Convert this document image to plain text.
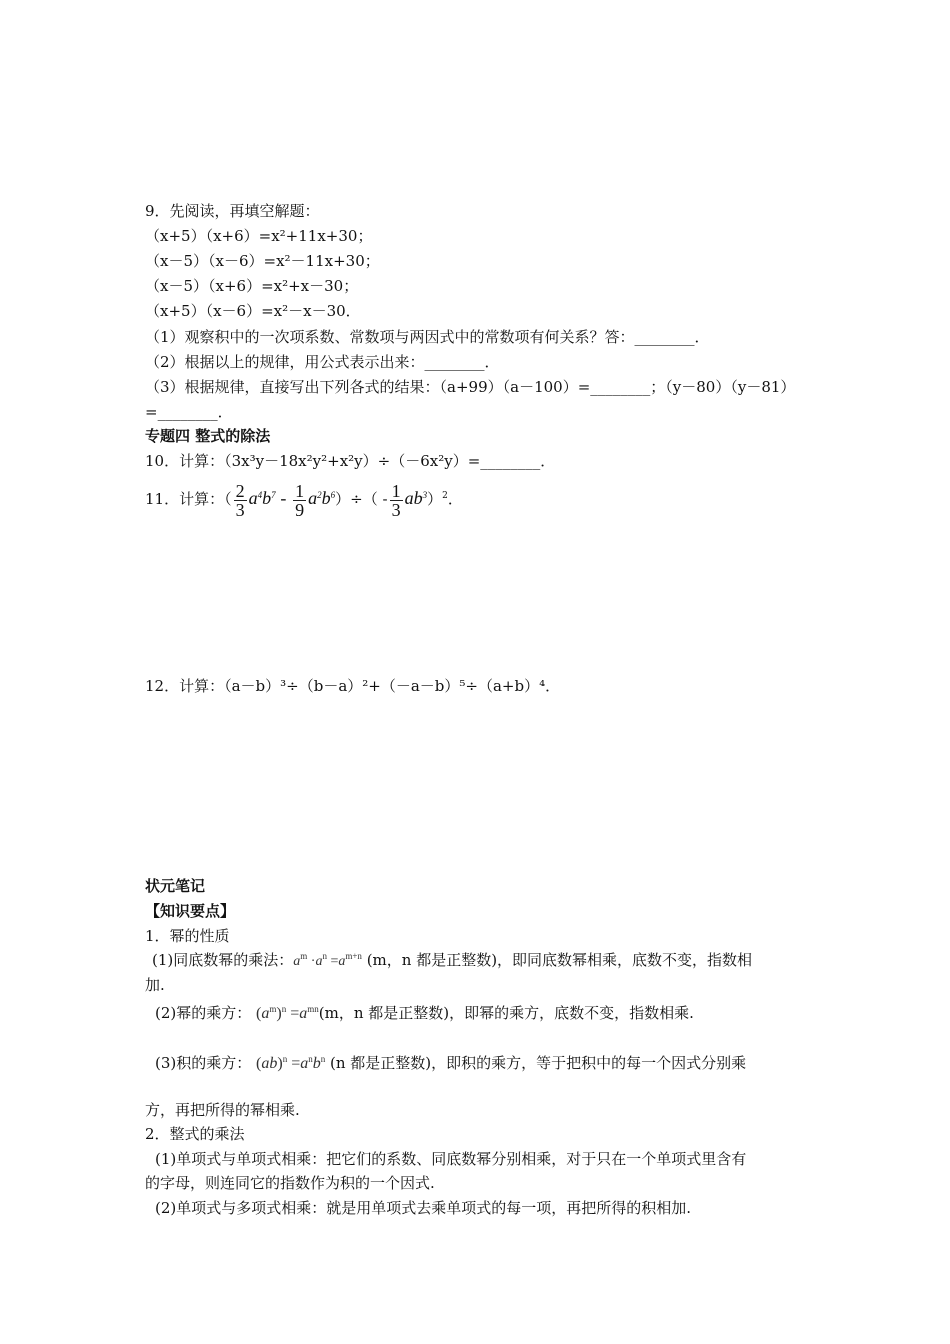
9．先阅读，再填空解题：
（x+5）（x+6）=x²+11x+30；
（x－5）（x－6）=x²－11x+30；
（x－5）（x+6）=x²+x－30；
（x+5）（x－6）=x²－x－30．
（1）观察积中的一次项系数、常数项与两因式中的常数项有何关系？答：________．
（2）根据以上的规律，用公式表示出来：________．
（3）根据规律，直接写出下列各式的结果：（a+99）（a－100）=________；（y－80）（y－81）
=________．
专题四 整式的除法
10．计算：（3x³y－18x²y²+x²y）÷（－6x²y）=________．
11．计算：（ $\frac{2}{3} a^4b^7 - \frac{1}{9} a^2b^6)\div( - \frac{1}{3} ab^3)^2$．
12．计算：（a－b）³÷（b－a）²+（－a－b）⁵÷（a+b）⁴．
状元笔记
【知识要点】
1．幂的性质
(1)同底数幂的乘法：$a^m \cdot a^n =a^{m+n}$ (m，n 都是正整数)，即同底数幂相乘，底数不变，指数相
加.
(2)幂的乘方： $(a^m)^n =a^{mn}(m$，n 都是正整数)，即幂的乘方，底数不变，指数相乘.
(3)积的乘方： $(ab)^n =a^nb^n$ (n 都是正整数)，即积的乘方，等于把积中的每一个因式分别乘
方，再把所得的幂相乘.
2．整式的乘法
(1)单项式与单项式相乘：把它们的系数、同底数幂分别相乘，对于只在一个单项式里含有
的字母，则连同它的指数作为积的一个因式.
(2)单项式与多项式相乘：就是用单项式去乘单项式的每一项，再把所得的积相加.
